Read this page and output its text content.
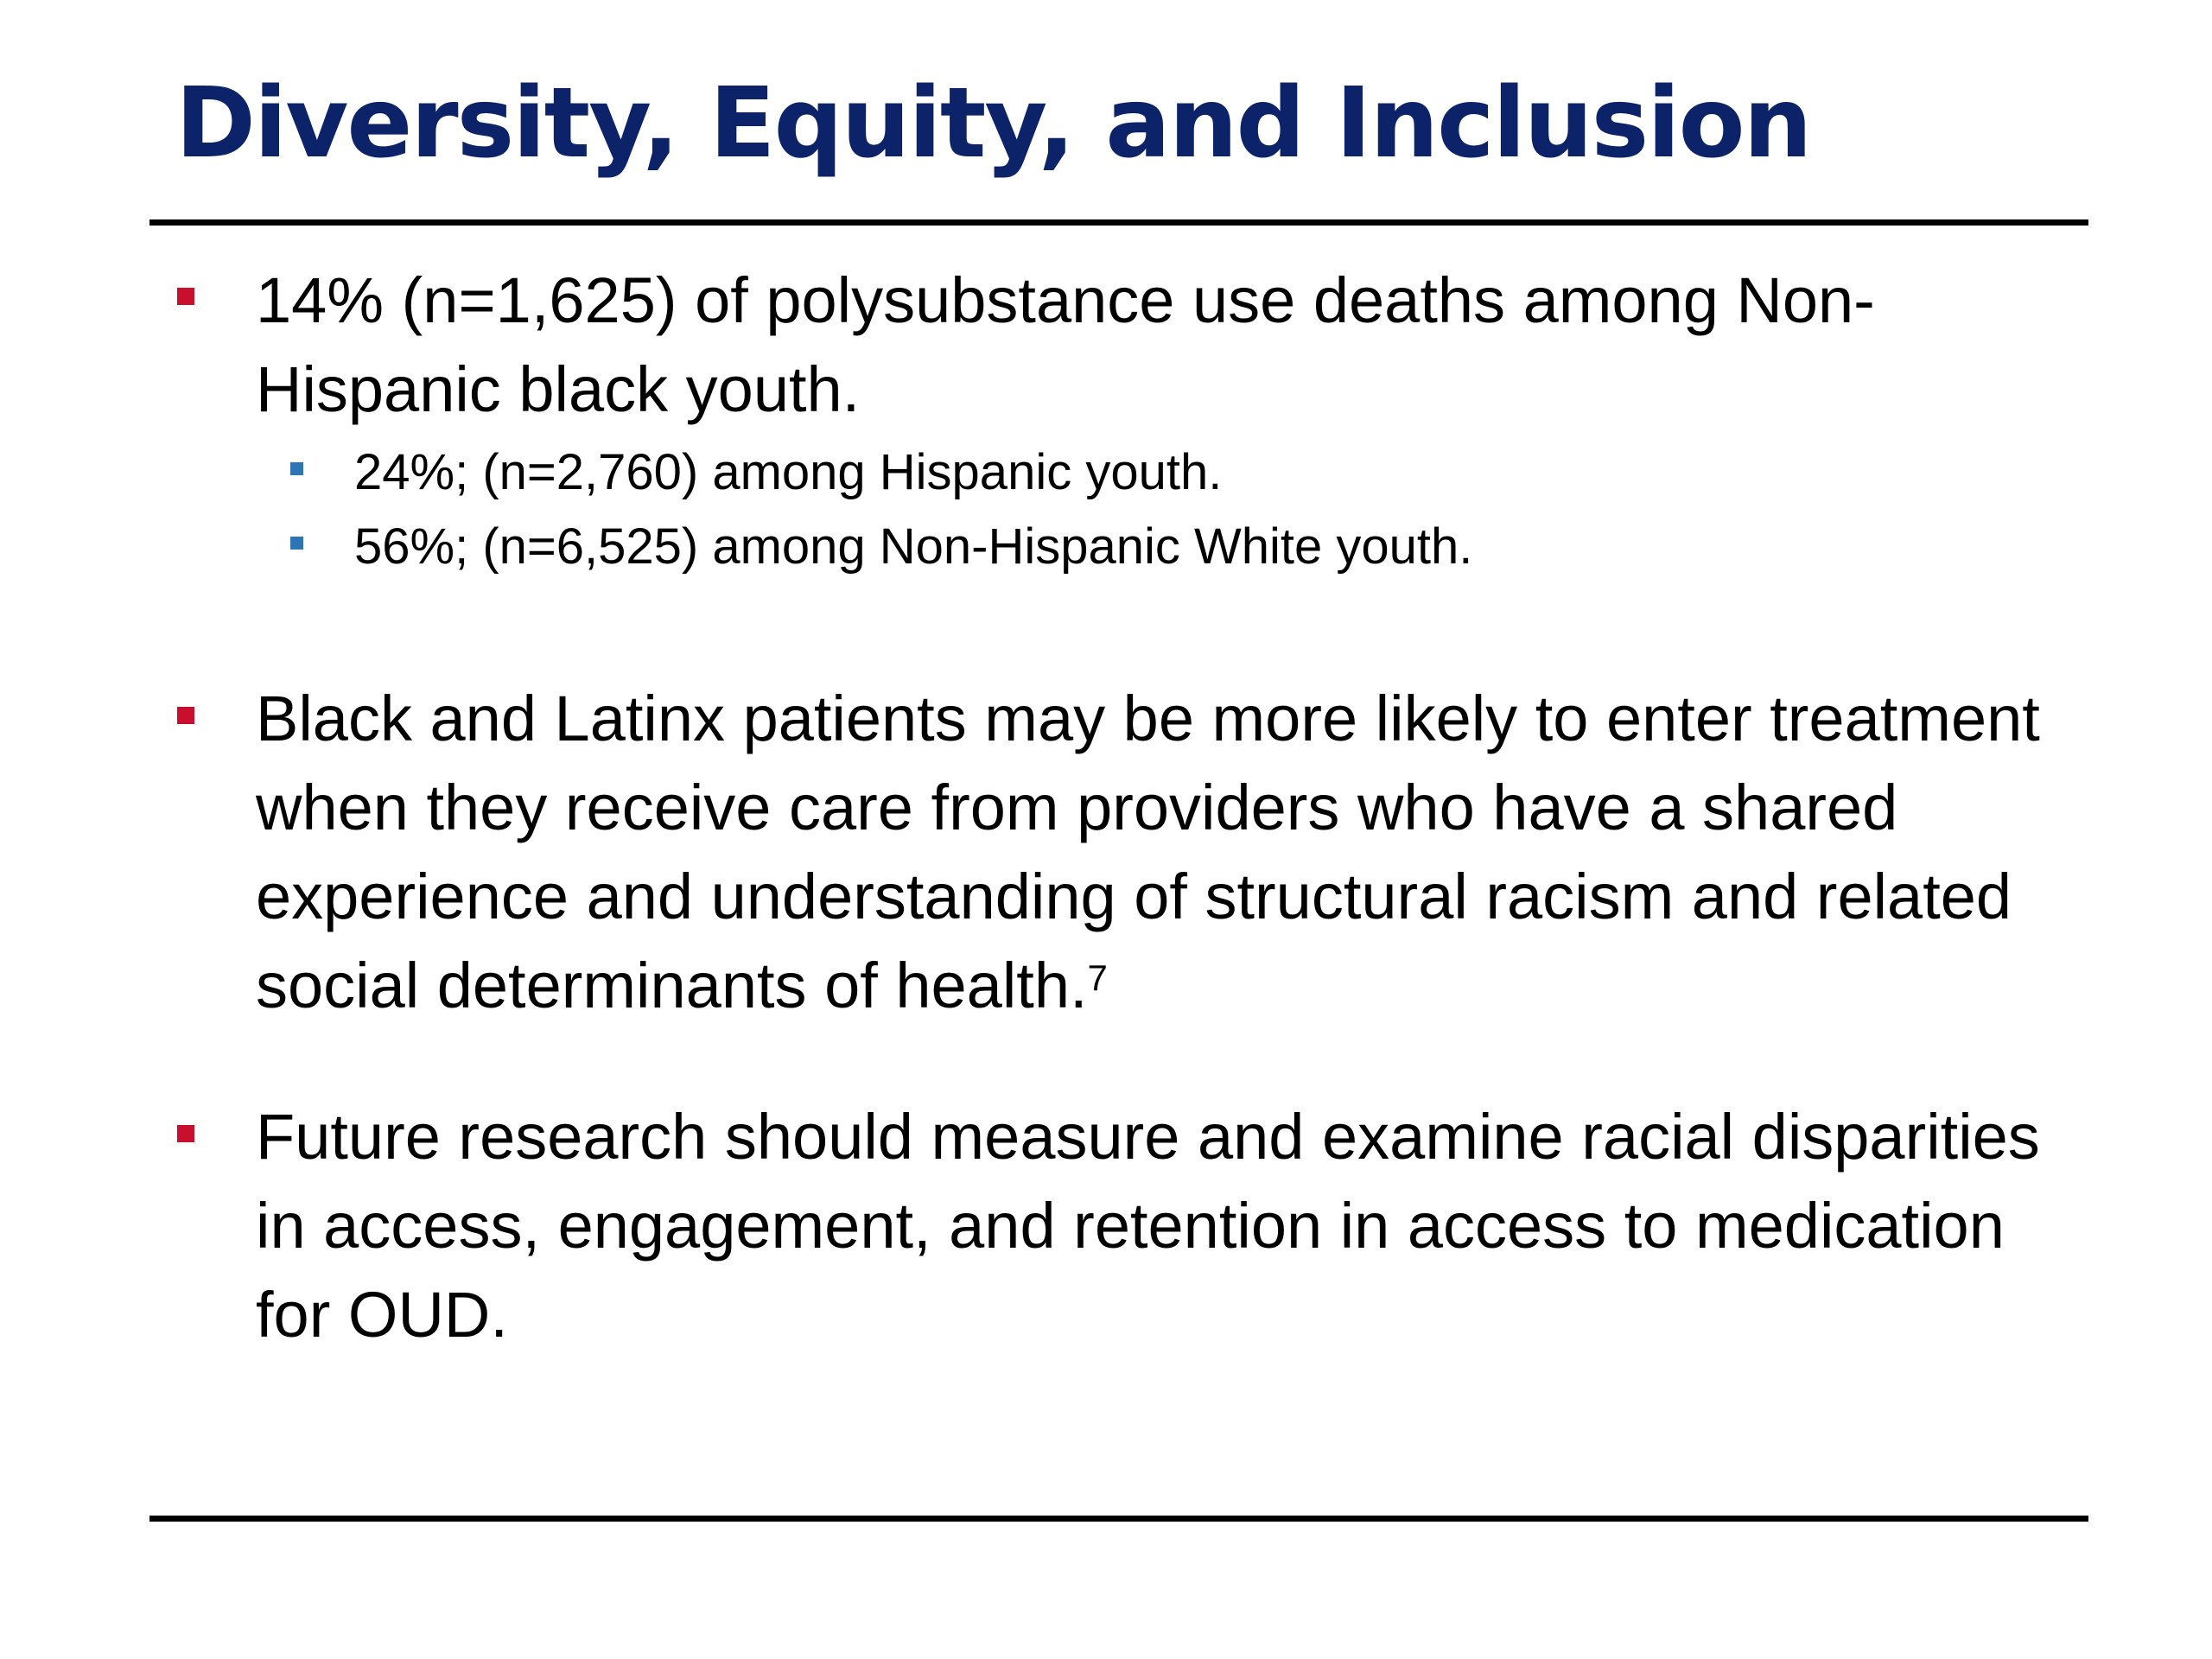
Diversity, Equity, and Inclusion
14% (n=1,625) of polysubstance use deaths among Non-Hispanic black youth.
24%; (n=2,760) among Hispanic youth.
56%; (n=6,525) among Non-Hispanic White youth.
Black and Latinx patients may be more likely to enter treatment when they receive care from providers who have a shared experience and understanding of structural racism and related social determinants of health.$^7$
Future research should measure and examine racial disparities in access, engagement, and retention in access to medication for OUD.
